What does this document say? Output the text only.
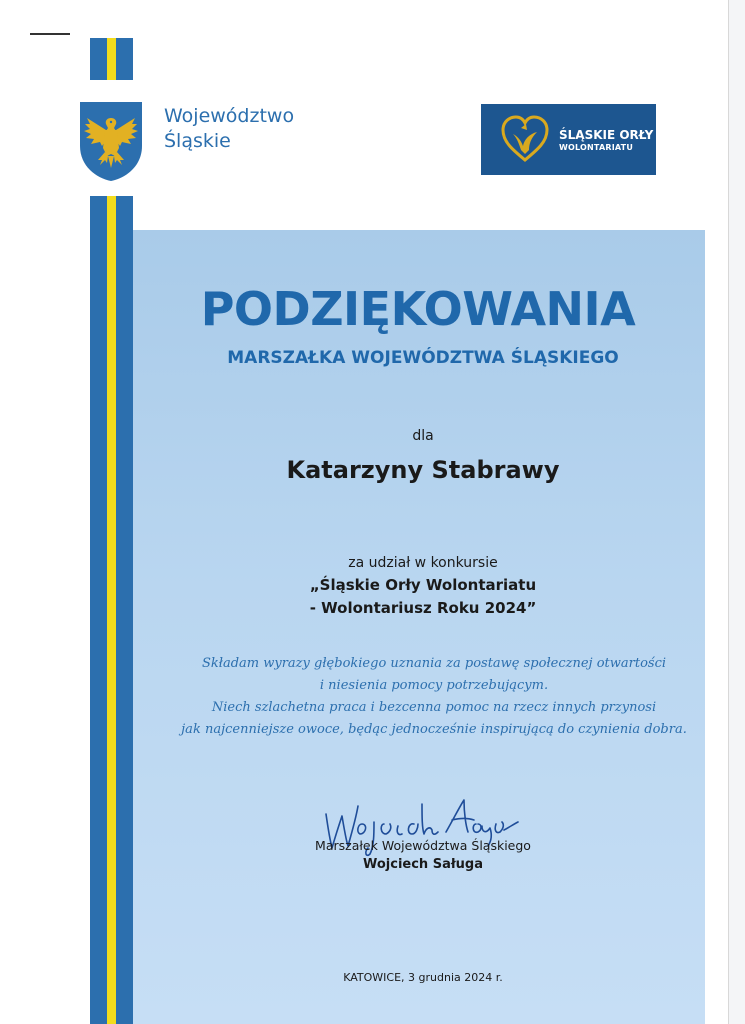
Województwo
Śląskie	ŚLĄSKIE ORŁY
WOLONTARIATU
PODZIĘKOWANIA
MARSZAŁKA WOJEWÓDZTWA ŚLĄSKIEGO
dla
Katarzyny Stabrawy
za udział w konkursie
„Śląskie Orły Wolontariatu
- Wolontariusz Roku 2024”
Składam wyrazy głębokiego uznania za postawę społecznej otwartości
i niesienia pomocy potrzebującym.
Niech szlachetna praca i bezcenna pomoc na rzecz innych przynosi
jak najcenniejsze owoce, będąc jednocześnie inspirującą do czynienia dobra.
Marszałek Województwa Śląskiego
Wojciech Saługa
KATOWICE, 3 grudnia 2024 r.
